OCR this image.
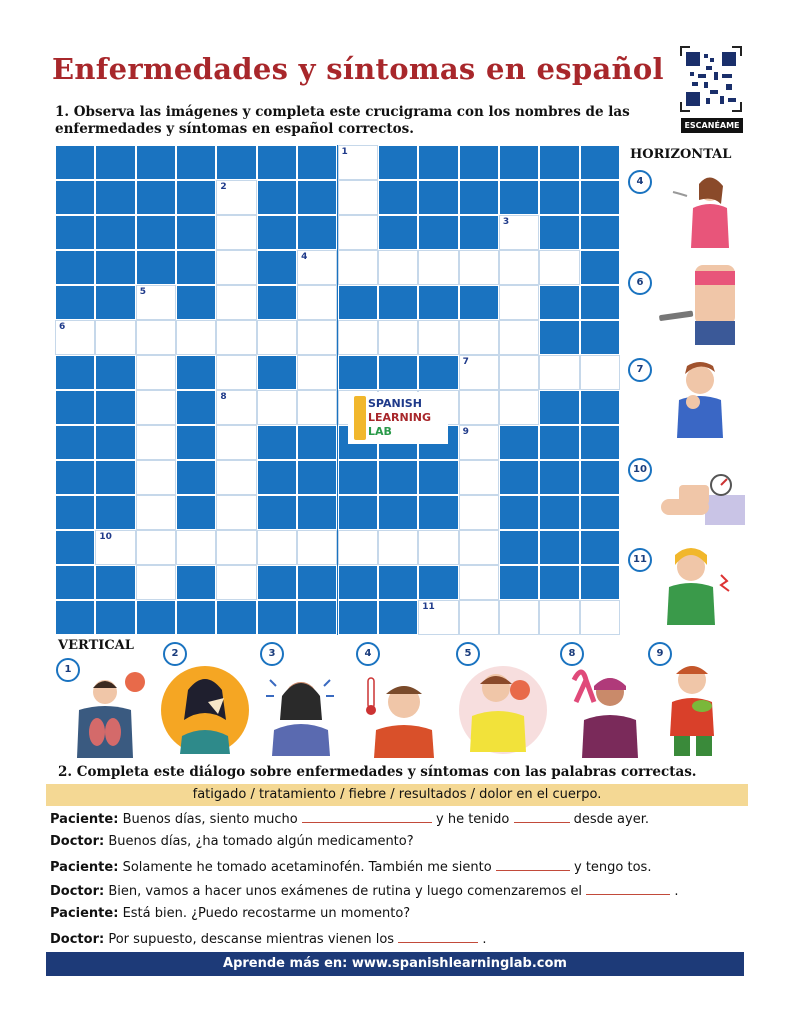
Enfermedades y síntomas en español
ESCANÉAME
1. Observa las imágenes y completa este crucigrama con los nombres de las enfermedades y síntomas en español correctos.
HORIZONTAL
1
2
3
4
5
6
7
8
9
10
11
SPANISH
LEARNING
LAB
4
6
7
10
11
VERTICAL
1
2	3	4	5	8	9
2. Completa este diálogo sobre enfermedades y síntomas con las palabras correctas.
fatigado / tratamiento / fiebre / resultados / dolor en el cuerpo.
Paciente: Buenos días, siento mucho	y he tenido	desde ayer.
Doctor: Buenos días, ¿ha tomado algún medicamento?
Paciente: Solamente he tomado acetaminofén. También me siento	y tengo tos.
Doctor: Bien, vamos a hacer unos exámenes de rutina y luego comenzaremos el	.
Paciente: Está bien. ¿Puedo recostarme un momento?
Doctor: Por supuesto, descanse mientras vienen los	.
Aprende más en: www.spanishlearninglab.com
